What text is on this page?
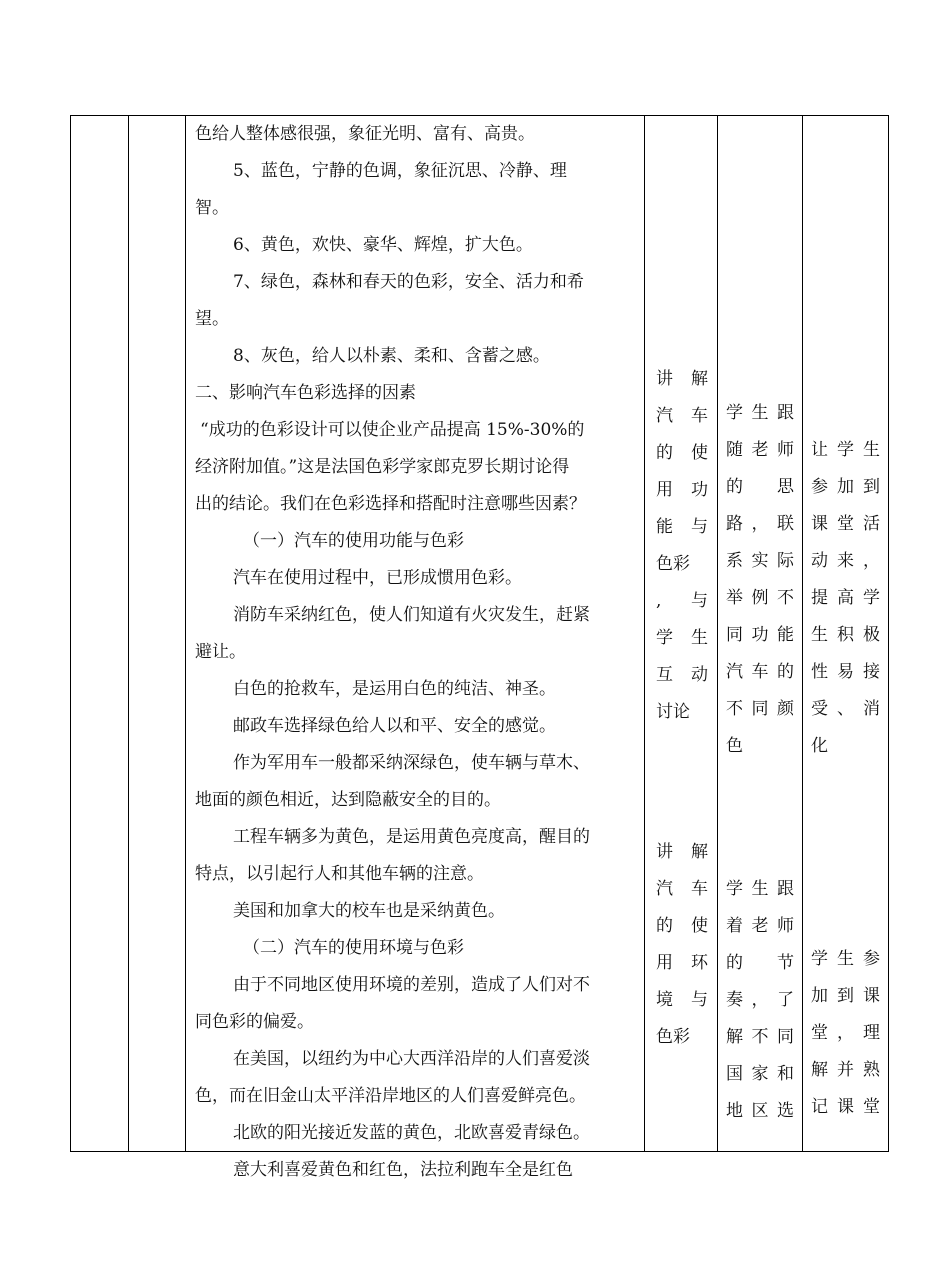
色给人整体感很强，象征光明、富有、高贵。
5、蓝色，宁静的色调，象征沉思、冷静、理
智。
6、黄色，欢快、豪华、辉煌，扩大色。
7、绿色，森林和春天的色彩，安全、活力和希
望。
8、灰色，给人以朴素、柔和、含蓄之感。
二、影响汽车色彩选择的因素
“成功的色彩设计可以使企业产品提高 15%-30%的
经济附加值。”这是法国色彩学家郎克罗长期讨论得
出的结论。我们在色彩选择和搭配时注意哪些因素？
（一）汽车的使用功能与色彩
汽车在使用过程中，已形成惯用色彩。
消防车采纳红色，使人们知道有火灾发生，赶紧
避让。
白色的抢救车，是运用白色的纯洁、神圣。
邮政车选择绿色给人以和平、安全的感觉。
作为军用车一般都采纳深绿色，使车辆与草木、
地面的颜色相近，达到隐蔽安全的目的。
工程车辆多为黄色，是运用黄色亮度高，醒目的
特点，以引起行人和其他车辆的注意。
美国和加拿大的校车也是采纳黄色。
（二）汽车的使用环境与色彩
由于不同地区使用环境的差别，造成了人们对不
同色彩的偏爱。
在美国，以纽约为中心大西洋沿岸的人们喜爱淡
色，而在旧金山太平洋沿岸地区的人们喜爱鲜亮色。
北欧的阳光接近发蓝的黄色，北欧喜爱青绿色。
意大利喜爱黄色和红色，法拉利跑车全是红色
讲 解
汽 车
的 使
用 功
能 与
色彩
, 与
学 生
互 动
讨论
讲 解
汽 车
的 使
用 环
境 与
色彩
学 生 跟
随 老 师
的 思
路 ， 联
系 实 际
举 例 不
同 功 能
汽 车 的
不 同 颜
色
学 生 跟
着 老 师
的 节
奏 ， 了
解 不 同
国 家 和
地 区 选
让 学 生
参 加 到
课 堂 活
动 来 ，
提 高 学
生 积 极
性 易 接
受 、 消
化
学 生 参
加 到 课
堂 ， 理
解 并 熟
记 课 堂
